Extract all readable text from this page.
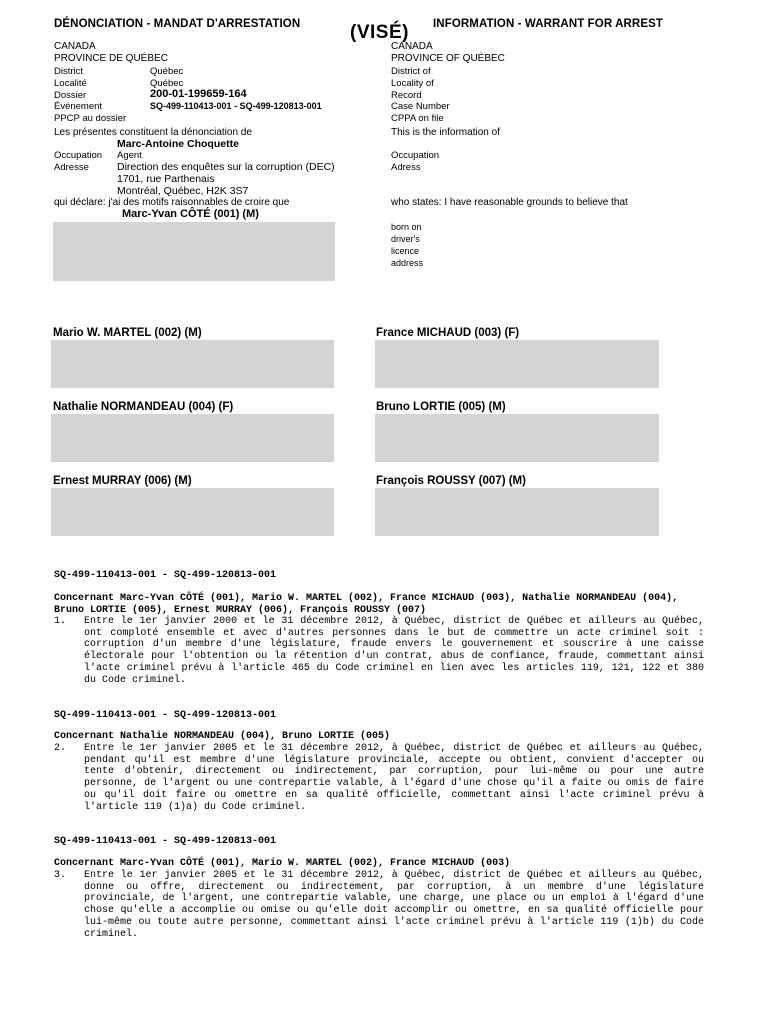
DÉNONCIATION - MANDAT D'ARRESTATION	(VISÉ) INFORMATION - WARRANT FOR ARREST
CANADA
PROVINCE DE QUÉBEC
District	Québec
Localité	Québec
Dossier	200-01-199659-164
Événement	SQ-499-110413-001 - SQ-499-120813-001
PPCP au dossier
Les présentes constituent la dénonciation de
Marc-Antoine Choquette
Occupation Agent
Adresse	Direction des enquêtes sur la corruption (DEC)
1701, rue Parthenais
Montréal, Québec, H2K 3S7
qui déclare: j'ai des motifs raisonnables de croire que
Marc-Yvan CÔTÉ (001) (M)
CANADA
PROVINCE OF QUÉBEC
District of
Locality of
Record
Case Number
CPPA on file
This is the information of
Occupation
Adress
who states: I have reasonable grounds to believe that
born on
driver's
licence
address
Mario W. MARTEL (002) (M)	France MICHAUD (003) (F)
Nathalie NORMANDEAU (004) (F)	Bruno LORTIE (005) (M)
Ernest MURRAY (006) (M)	François ROUSSY (007) (M)
SQ-499-110413-001 - SQ-499-120813-001
Concernant Marc-Yvan CÔTÉ (001), Mario W. MARTEL (002), France MICHAUD (003), Nathalie NORMANDEAU (004), Bruno LORTIE (005), Ernest MURRAY (006), François ROUSSY (007)
1. Entre le 1er janvier 2000 et le 31 décembre 2012, à Québec, district de Québec et ailleurs au Québec, ont comploté ensemble et avec d'autres personnes dans le but de commettre un acte criminel soit : corruption d'un membre d'une législature, fraude envers le gouvernement et souscrire à une caisse électorale pour l'obtention ou la rétention d'un contrat, abus de confiance, fraude, commettant ainsi l'acte criminel prévu à l'article 465 du Code criminel en lien avec les articles 119, 121, 122 et 380 du Code criminel.
SQ-499-110413-001 - SQ-499-120813-001
Concernant Nathalie NORMANDEAU (004), Bruno LORTIE (005)
2. Entre le 1er janvier 2005 et le 31 décembre 2012, à Québec, district de Québec et ailleurs au Québec, pendant qu'il est membre d'une législature provinciale, accepte ou obtient, convient d'accepter ou tente d'obtenir, directement ou indirectement, par corruption, pour lui-même ou pour une autre personne, de l'argent ou une contrepartie valable, à l'égard d'une chose qu'il a faite ou omis de faire ou qu'il doit faire ou omettre en sa qualité officielle, commettant ainsi l'acte criminel prévu à l'article 119 (1)a) du Code criminel.
SQ-499-110413-001 - SQ-499-120813-001
Concernant Marc-Yvan CÔTÉ (001), Mario W. MARTEL (002), France MICHAUD (003)
3. Entre le 1er janvier 2005 et le 31 décembre 2012, à Québec, district de Québec et ailleurs au Québec, donne ou offre, directement ou indirectement, par corruption, à un membre d'une législature provinciale, de l'argent, une contrepartie valable, une charge, une place ou un emploi à l'égard d'une chose qu'elle a accomplie ou omise ou qu'elle doit accomplir ou omettre, en sa qualité officielle pour lui-même ou toute autre personne, commettant ainsi l'acte criminel prévu à l'article 119 (1)b) du Code criminel.
